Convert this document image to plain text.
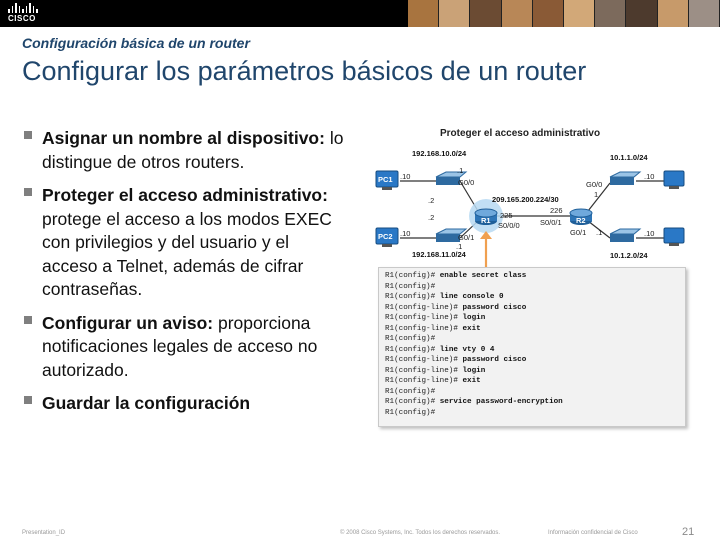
CISCO
Configuración básica de un router
Configurar los parámetros básicos de un router
Asignar un nombre al dispositivo: lo distingue de otros routers.
Proteger el acceso administrativo: protege el acceso a los modos EXEC con privilegios y del usuario y el acceso a Telnet, además de cifrar contraseñas.
Configurar un aviso: proporciona notificaciones legales de acceso no autorizado.
Guardar la configuración
Proteger el acceso administrativo
PC1
PC2
R1	R2
192.168.10.0/24
.10
.1
G0/0
.2
.2
.10	G0/1
.1
192.168.11.0/24
209.165.200.224/30
225
S0/0/0
226
S0/0/1
10.1.1.0/24
1
G0/0
.10
G0/1 .1	.10
10.1.2.0/24
R1(config)# enable secret class
R1(config)#
R1(config)# line console 0
R1(config-line)# password cisco
R1(config-line)# login
R1(config-line)# exit
R1(config)#
R1(config)# line vty 0 4
R1(config-line)# password cisco
R1(config-line)# login
R1(config-line)# exit
R1(config)#
R1(config)# service password-encryption
R1(config)#
Presentation_ID	© 2008 Cisco Systems, Inc. Todos los derechos reservados.	Información confidencial de Cisco	21
